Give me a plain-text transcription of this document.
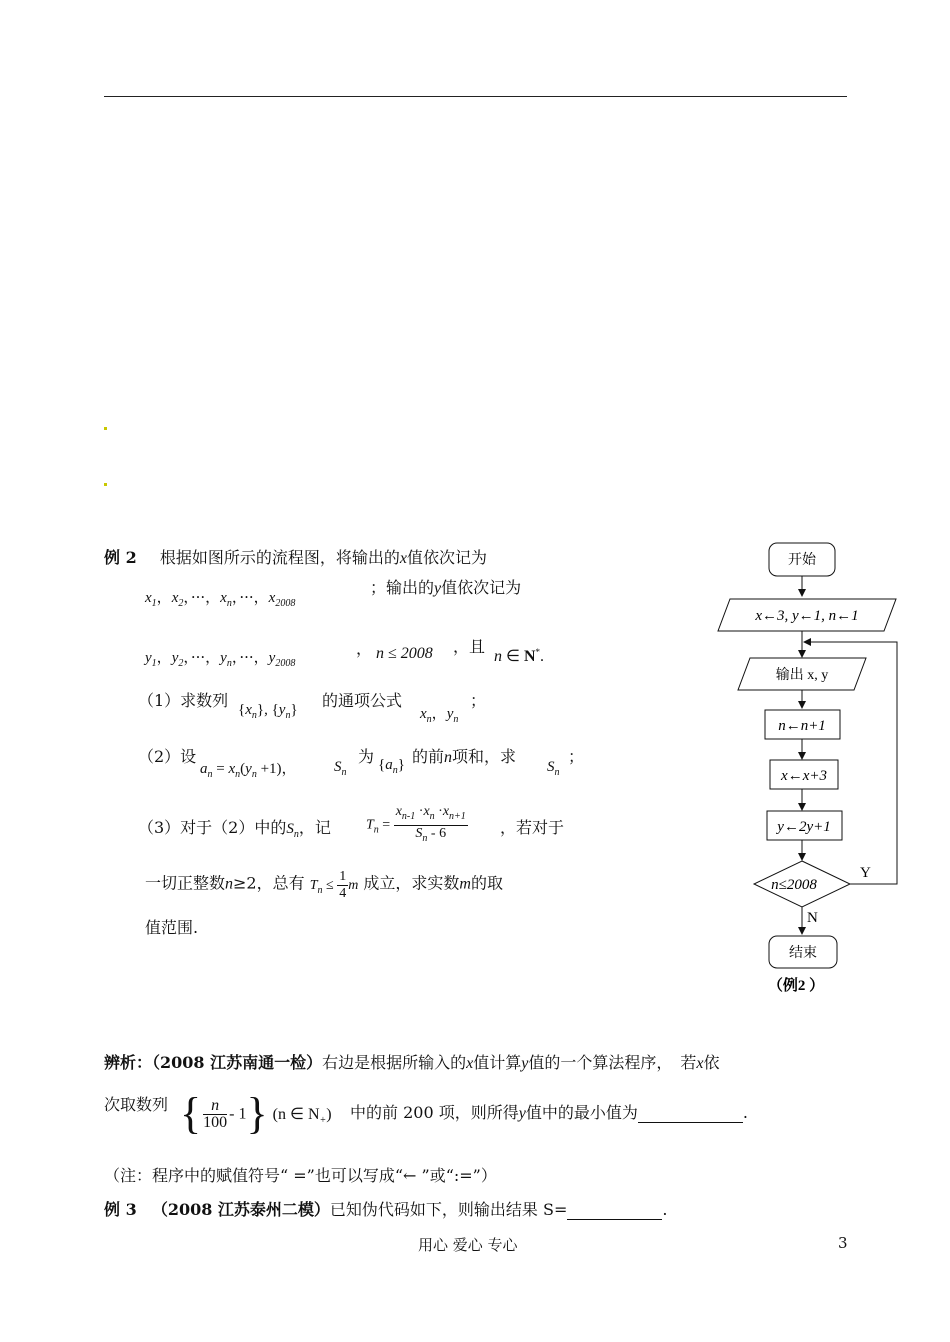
例 2 根据如图所示的流程图，将输出的x值依次记为
$x_1$，$x_2$，···，$x_n$，···，$x_{2008}$
；输出的y值依次记为
$y_1$，$y_2$，···，$y_n$，···，$y_{2008}$
， n ≤ 2008 ，且
n ∈ N*.
（1）求数列 $\{x_n\}$, $\{y_n\}$ 的通项公式
$x_n$，$y_n$
；
（2）设
$a_n = x_n(y_n +1)$， $S_n$
为 $\{a_n\}$ 的前n项和，求
$S_n$
；
（3）对于（2）中的$S_n$，记	$T_n = \frac{x_{n-1} \cdot x_n \cdot x_{n+1}}{S_n - 6}$ ，若对于
一切正整数n≥2，总有 $T_n \le \frac{1}{4}$ m 成立，求实数m的取
值范围.
开始
x←3, y←1, n←1
输出 x, y
n←n+1
x←x+3
y←2y+1
n≤2008
Y
N
结束
（例2 ）
辨析：（2008 江苏南通一检）右边是根据所输入的x值计算y值的一个算法程序，　若x依
次取数列 { $\frac{n}{100} - 1$} (n ∈ $N_+$) 中的前 200 项，则所得y值中的最小值为	.
（注：程序中的赋值符号“ =”也可以写成“← ”或“:=”）
例 3 （2008 江苏泰州二模）已知伪代码如下，则输出结果 S=	.
用心 爱心 专心	3
